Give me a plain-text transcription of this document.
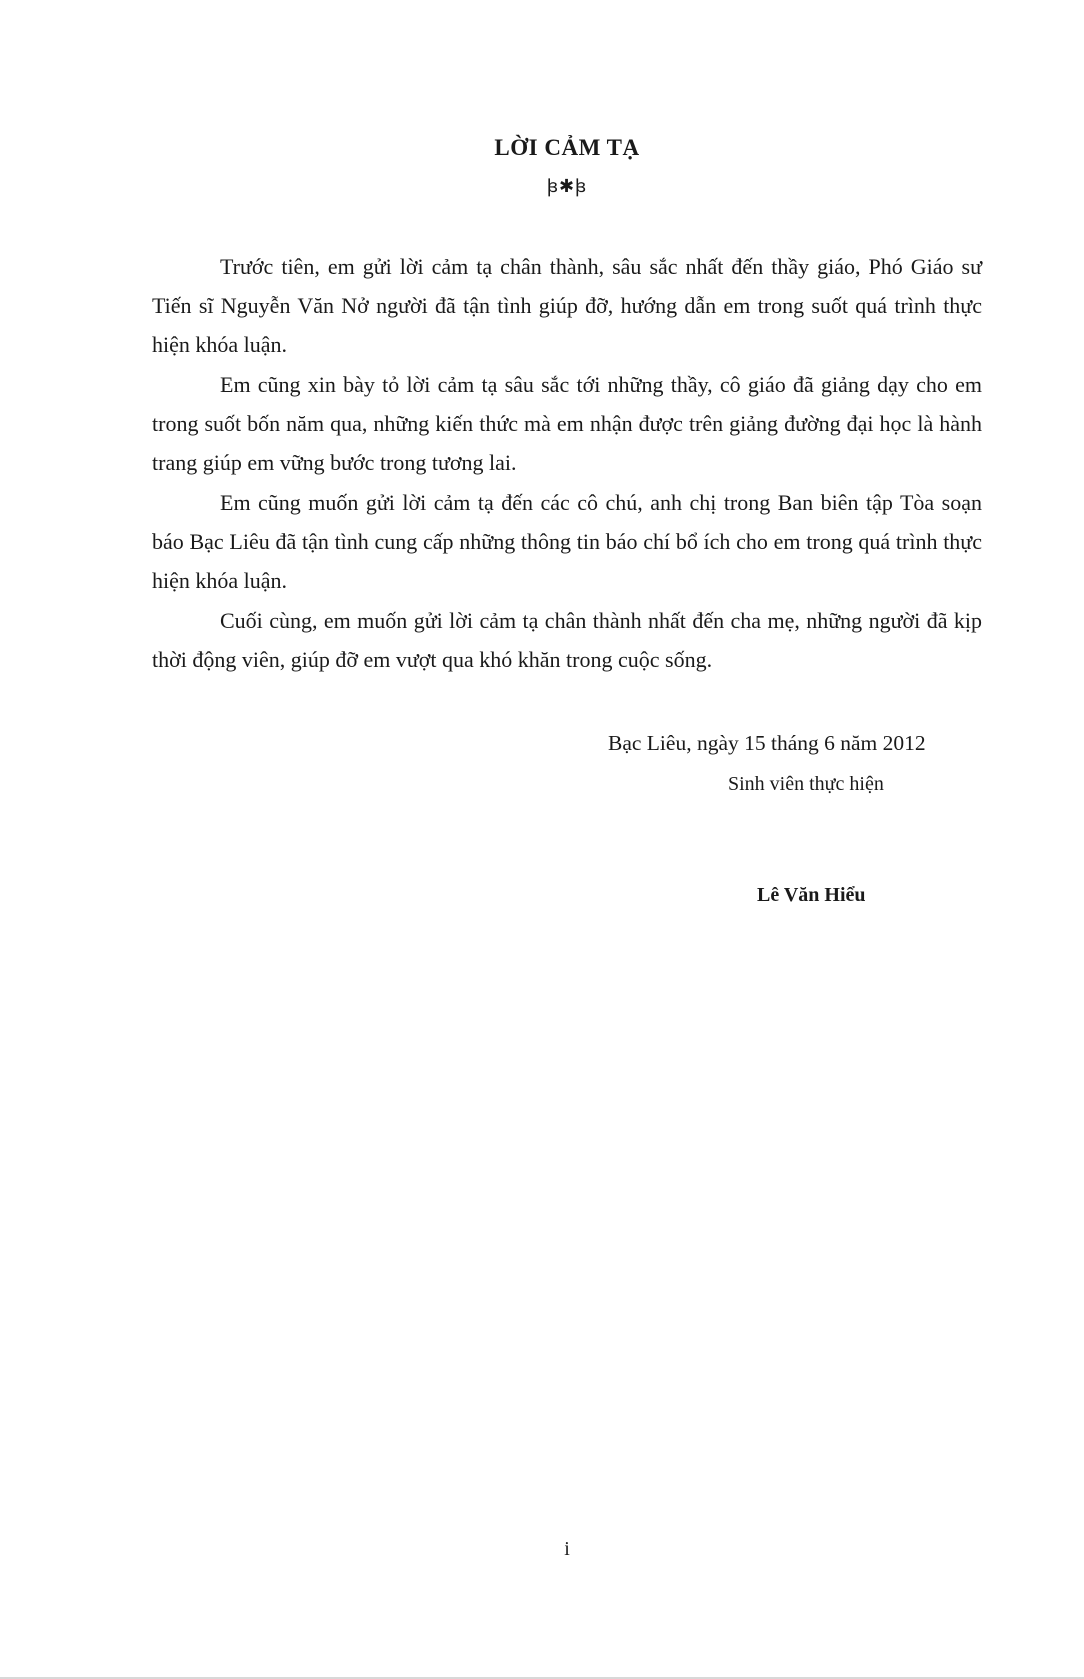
LỜI CẢM TẠ
ꟓ✱ꟓ

Trước tiên, em gửi lời cảm tạ chân thành, sâu sắc nhất đến thầy giáo, Phó Giáo sư Tiến sĩ Nguyễn Văn Nở người đã tận tình giúp đỡ, hướng dẫn em trong suốt quá trình thực hiện khóa luận.

Em cũng xin bày tỏ lời cảm tạ sâu sắc tới những thầy, cô giáo đã giảng dạy cho em trong suốt bốn năm qua, những kiến thức mà em nhận được trên giảng đường đại học là hành trang giúp em vững bước trong tương lai.

Em cũng muốn gửi lời cảm tạ đến các cô chú, anh chị trong Ban biên tập Tòa soạn báo Bạc Liêu đã tận tình cung cấp những thông tin báo chí bổ ích cho em trong quá trình thực hiện khóa luận.

Cuối cùng, em muốn gửi lời cảm tạ chân thành nhất đến cha mẹ, những người đã kịp thời động viên, giúp đỡ em vượt qua khó khăn trong cuộc sống.

Bạc Liêu, ngày 15 tháng 6 năm 2012
Sinh viên thực hiện
Lê Văn Hiểu
i
